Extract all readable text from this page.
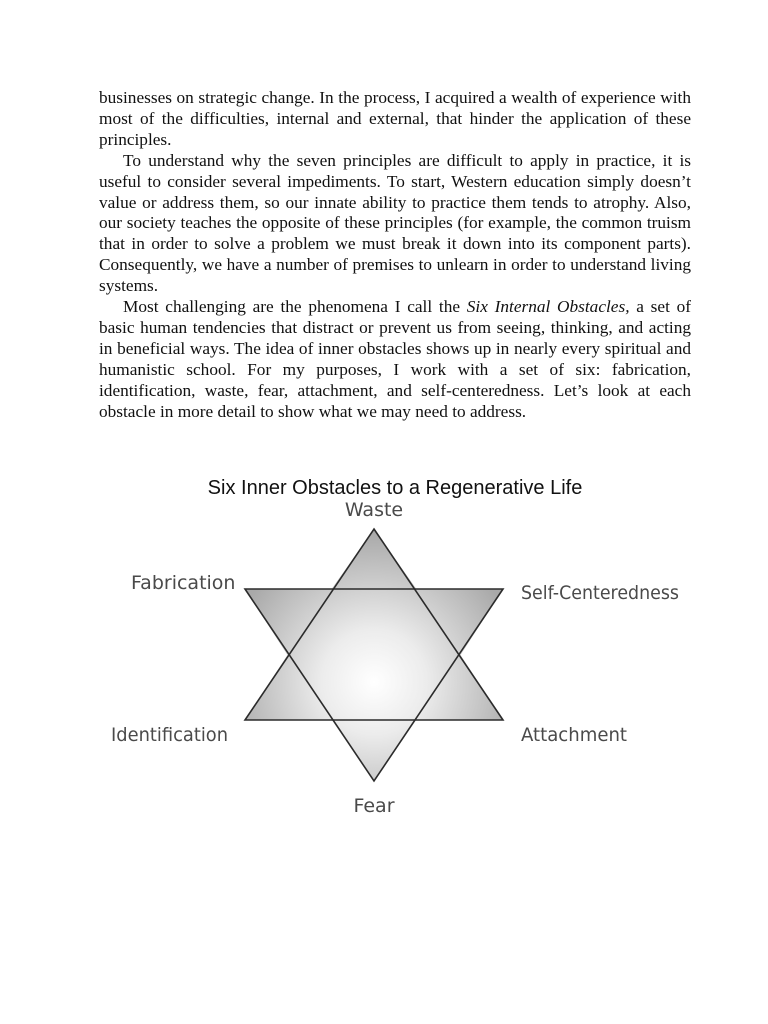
businesses on strategic change. In the process, I acquired a wealth of experience with most of the difficulties, internal and external, that hinder the application of these principles.

To understand why the seven principles are difficult to apply in practice, it is useful to consider several impediments. To start, Western education simply doesn’t value or address them, so our innate ability to practice them tends to atrophy. Also, our society teaches the opposite of these principles (for example, the common truism that in order to solve a problem we must break it down into its component parts). Consequently, we have a number of premises to unlearn in order to understand living systems.

Most challenging are the phenomena I call the Six Internal Obstacles, a set of basic human tendencies that distract or prevent us from seeing, thinking, and acting in beneficial ways. The idea of inner obstacles shows up in nearly every spiritual and humanistic school. For my purposes, I work with a set of six: fabrication, identification, waste, fear, attachment, and self-centeredness. Let’s look at each obstacle in more detail to show what we may need to address.

Six Inner Obstacles to a Regenerative Life
Waste
Fabrication	Self-Centeredness
Identification	Attachment
Fear
